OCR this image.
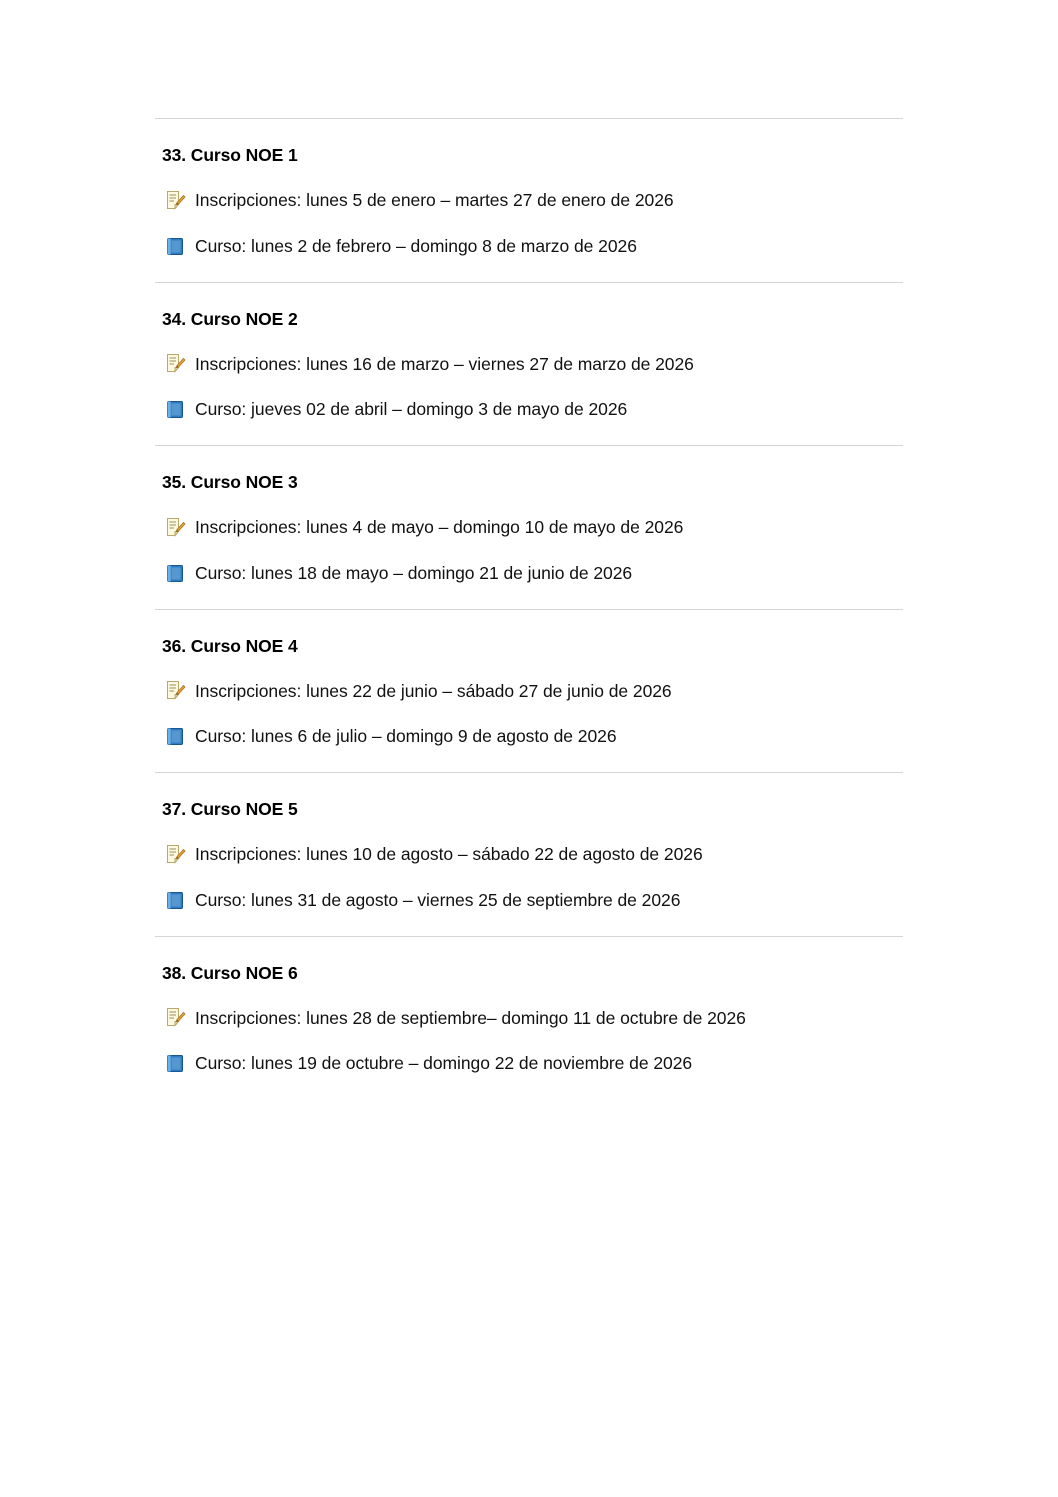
33. Curso NOE 1
Inscripciones: lunes 5 de enero – martes 27 de enero de 2026
Curso: lunes 2 de febrero – domingo 8 de marzo de 2026
34. Curso NOE 2
Inscripciones: lunes 16 de marzo – viernes 27 de marzo de 2026
Curso: jueves 02 de abril – domingo 3 de mayo de 2026
35. Curso NOE 3
Inscripciones: lunes 4 de mayo – domingo 10 de mayo de 2026
Curso: lunes 18 de mayo – domingo 21 de junio de 2026
36. Curso NOE 4
Inscripciones: lunes 22 de junio – sábado 27 de junio de 2026
Curso: lunes 6 de julio – domingo 9 de agosto de 2026
37. Curso NOE 5
Inscripciones: lunes 10 de agosto – sábado 22 de agosto de 2026
Curso: lunes 31 de agosto – viernes 25 de septiembre de 2026
38. Curso NOE 6
Inscripciones: lunes 28 de septiembre– domingo 11 de octubre de 2026
Curso: lunes 19 de octubre – domingo 22 de noviembre de 2026
